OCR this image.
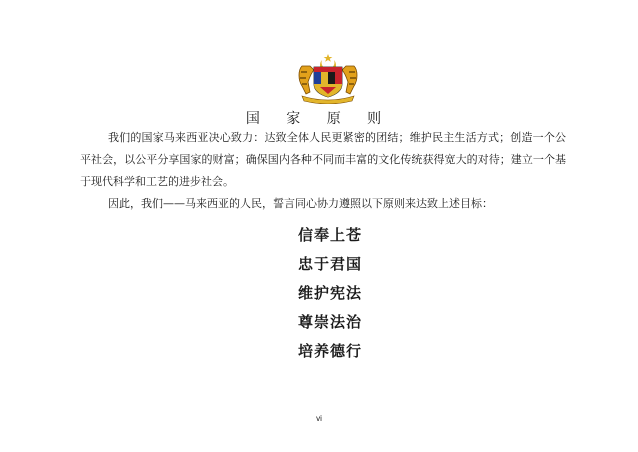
国 家 原 则

我们的国家马来西亚决心致力：达致全体人民更紧密的团结；维护民主生活方式；创造一个公平社会，以公平分享国家的财富；确保国内各种不同而丰富的文化传统获得宽大的对待；建立一个基于现代科学和工艺的进步社会。

因此，我们——马来西亚的人民，誓言同心协力遵照以下原则来达致上述目标：

信奉上苍
忠于君国
维护宪法
尊崇法治
培养德行
vi
